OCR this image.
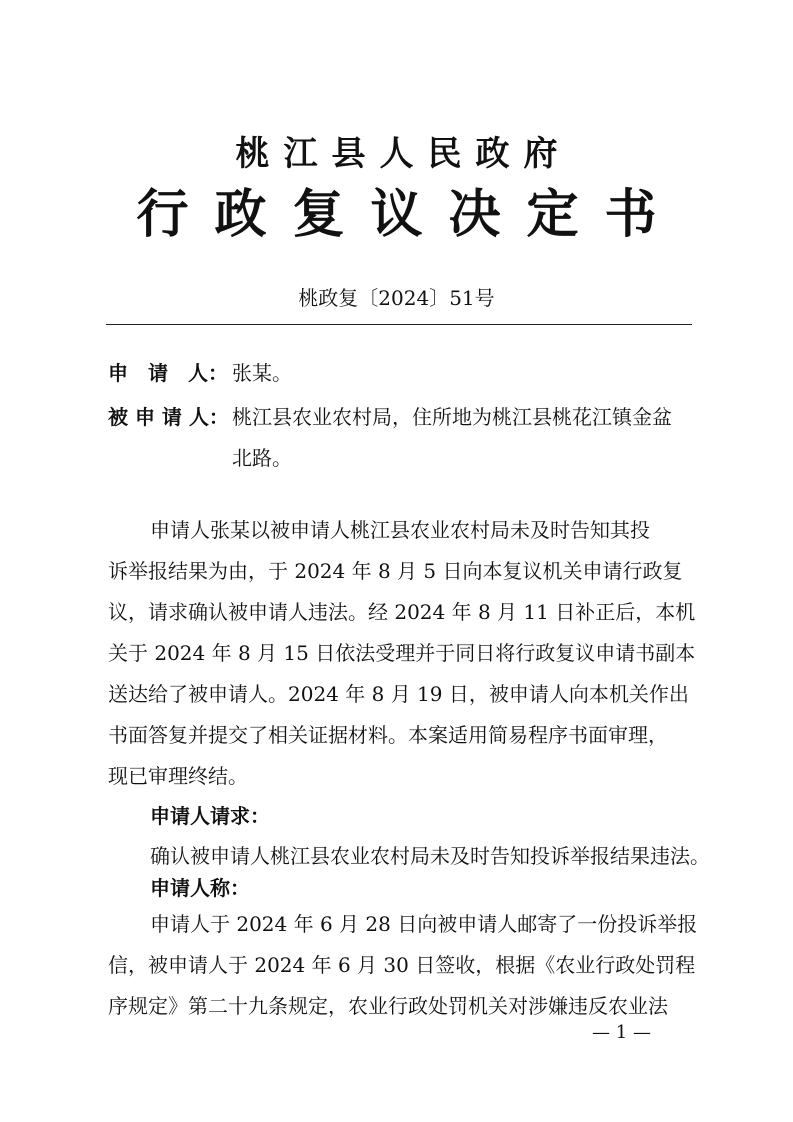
桃江县人民政府
行政复议决定书
桃政复〔2024〕51号
申　请　人： 张某。
被 申 请 人： 桃江县农业农村局，住所地为桃江县桃花江镇金盆
北路。
申请人张某以被申请人桃江县农业农村局未及时告知其投
诉举报结果为由，于 2024 年 8 月 5 日向本复议机关申请行政复
议，请求确认被申请人违法。经 2024 年 8 月 11 日补正后，本机
关于 2024 年 8 月 15 日依法受理并于同日将行政复议申请书副本
送达给了被申请人。2024 年 8 月 19 日，被申请人向本机关作出
书面答复并提交了相关证据材料。本案适用简易程序书面审理，
现已审理终结。
申请人请求：
确认被申请人桃江县农业农村局未及时告知投诉举报结果违法。
申请人称：
申请人于 2024 年 6 月 28 日向被申请人邮寄了一份投诉举报
信，被申请人于 2024 年 6 月 30 日签收，根据《农业行政处罚程
序规定》第二十九条规定，农业行政处罚机关对涉嫌违反农业法
— 1 —
